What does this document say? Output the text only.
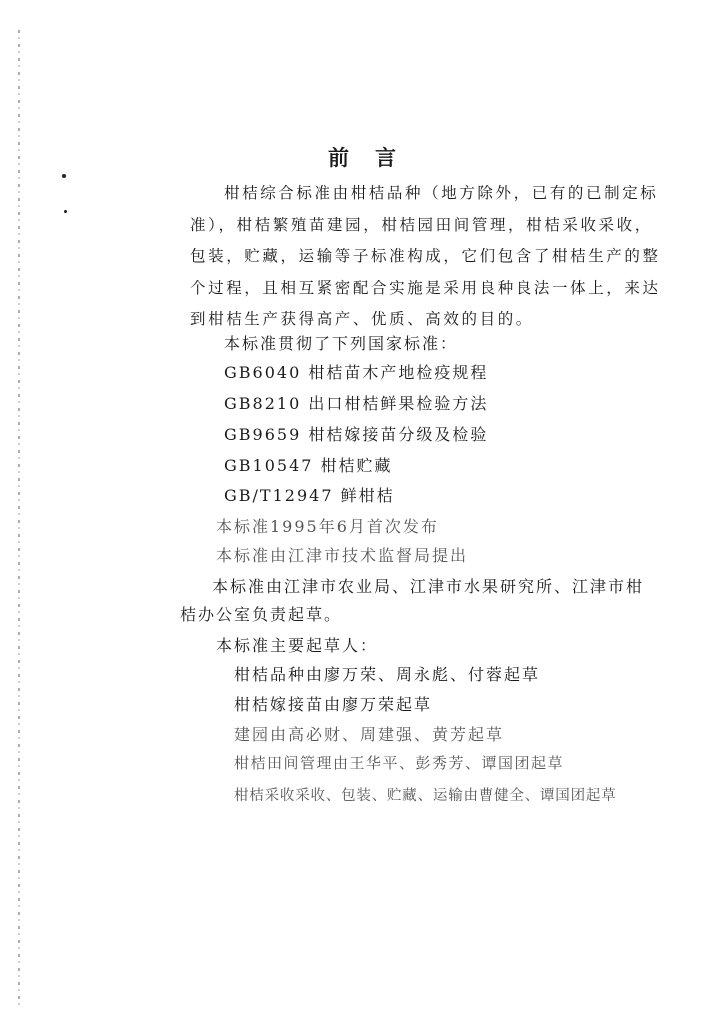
前言
柑桔综合标准由柑桔品种（地方除外，已有的已制定标准），柑桔繁殖苗建园，柑桔园田间管理，柑桔采收采收，包装，贮藏，运输等子标准构成，它们包含了柑桔生产的整个过程，且相互紧密配合实施是采用良种良法一体上，来达到柑桔生产获得高产、优质、高效的目的。
本标准贯彻了下列国家标准：
GB6040 柑桔苗木产地检疫规程
GB8210 出口柑桔鲜果检验方法
GB9659 柑桔嫁接苗分级及检验
GB10547 柑桔贮藏
GB/T12947 鲜柑桔
本标准1995年6月首次发布
本标准由江津市技术监督局提出
本标准由江津市农业局、江津市水果研究所、江津市柑
桔办公室负责起草。
本标准主要起草人：
柑桔品种由廖万荣、周永彪、付蓉起草
柑桔嫁接苗由廖万荣起草
建园由高必财、周建强、黄芳起草
柑桔田间管理由王华平、彭秀芳、谭国团起草
柑桔采收采收、包装、贮藏、运输由曹健全、谭国团起草
